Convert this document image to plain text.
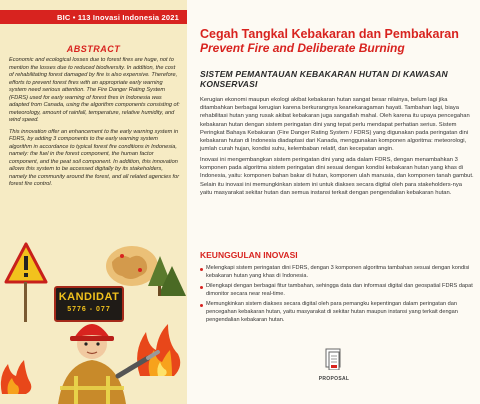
BIC • 113 Inovasi Indonesia 2021
ABSTRACT

Economic and ecological losses due to forest fires are huge, not to mention the losses due to reduced biodiversity. In addition, the cost of rehabilitating forest damaged by fire is also expensive. Therefore, efforts to prevent forest fires with an appropriate early warning system need serious attention. The Fire Danger Rating System (FDRS) used for early warning of forest fires in Indonesia was adapted from Canada, using the algorithm components consisting of: meteorology, amount of rainfall, temperature, relative humidity, and wind speed.

This innovation offer an enhancement to the early warning system in FDRS, by adding 3 components to the early warning system algorithm in accordance to typical forest fire conditions in Indonesia, namely: the fuel in the forest component, the human factor component, and the peat soil component. In addition, this innovation allows this system to be accessed digitally by its stakeholders, namely the community around the forest, and all related agencies for forest fire control.

KANDIDAT
5776 - 077
Cegah Tangkal Kebakaran dan Pembakaran
Prevent Fire and Deliberate Burning
SISTEM PEMANTAUAN KEBAKARAN HUTAN DI KAWASAN KONSERVASI

Kerugian ekonomi maupun ekologi akibat kebakaran hutan sangat besar nilainya, belum lagi jika ditambahkan berbagai kerugian karena berkurangnya keanekaragaman hayati. Tambahan lagi, biaya rehabilitasi hutan yang rusak akibat kebakaran juga sangatlah mahal. Oleh karena itu upaya pencegahan kebakaran hutan dengan sistem peringatan dini yang tepat perlu mendapat perhatian serius. Sistem Peringkat Bahaya Kebakaran (Fire Danger Rating System / FDRS) yang digunakan pada peringatan dini kebakaran hutan di Indonesia diadaptasi dari Kanada, menggunakan komponen algoritma: meteorologi, jumlah curah hujan, kondisi suhu, kelembaban relatif, dan kecepatan angin.

Inovasi ini mengembangkan sistem peringatan dini yang ada dalam FDRS, dengan menambahkan 3 komponen pada algoritma sistem peringatan dini sesuai dengan kondisi kebakaran hutan yang khas di Indonesia, yaitu: komponen bahan bakar di hutan, komponen ulah manusia, dan komponen tanah gambut. Selain itu inovasi ini memungkinkan sistem ini untuk diakses secara digital oleh para stakeholders-nya yaitu masyarakat sekitar hutan dan semua instansi terkait dengan pengendalian kebakaran hutan.

KEUNGGULAN INOVASI
Melengkapi sistem peringatan dini FDRS, dengan 3 komponen algoritma tambahan sesuai dengan kondisi kebakaran hutan yang khas di Indonesia.
Dilengkapi dengan berbagai fitur tambahan, sehingga data dan informasi digital dan geospatial FDRS dapat dimonitor secara near real-time.
Memungkinkan sistem diakses secara digital oleh para pemangku kepentingan dalam peringatan dan pencegahan kebakaran hutan, yaitu masyarakat di sekitar hutan maupun instansi yang terkait dengan pengendalian kebakaran hutan.
PROPOSAL
